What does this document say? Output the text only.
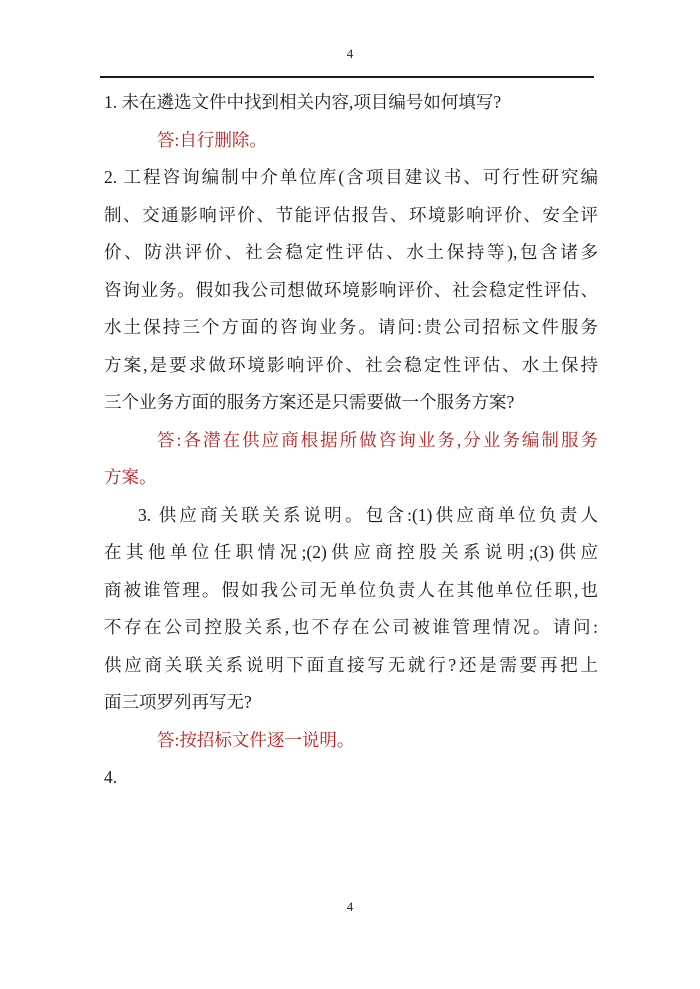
4
1. 未在遴选文件中找到相关内容,项目编号如何填写?
答:自行删除。
2. 工程咨询编制中介单位库(含项目建议书、可行性研究编
制、交通影响评价、节能评估报告、环境影响评价、安全评
价、防洪评价、社会稳定性评估、水土保持等),包含诸多
咨询业务。假如我公司想做环境影响评价、社会稳定性评估、
水土保持三个方面的咨询业务。请问:贵公司招标文件服务
方案,是要求做环境影响评价、社会稳定性评估、水土保持
三个业务方面的服务方案还是只需要做一个服务方案?
答:各潜在供应商根据所做咨询业务,分业务编制服务
方案。
3. 供应商关联关系说明。包含:(1)供应商单位负责人
在其他单位任职情况;(2)供应商控股关系说明;(3)供应
商被谁管理。假如我公司无单位负责人在其他单位任职,也
不存在公司控股关系,也不存在公司被谁管理情况。请问:
供应商关联关系说明下面直接写无就行?还是需要再把上
面三项罗列再写无?
答:按招标文件逐一说明。
4.
4
